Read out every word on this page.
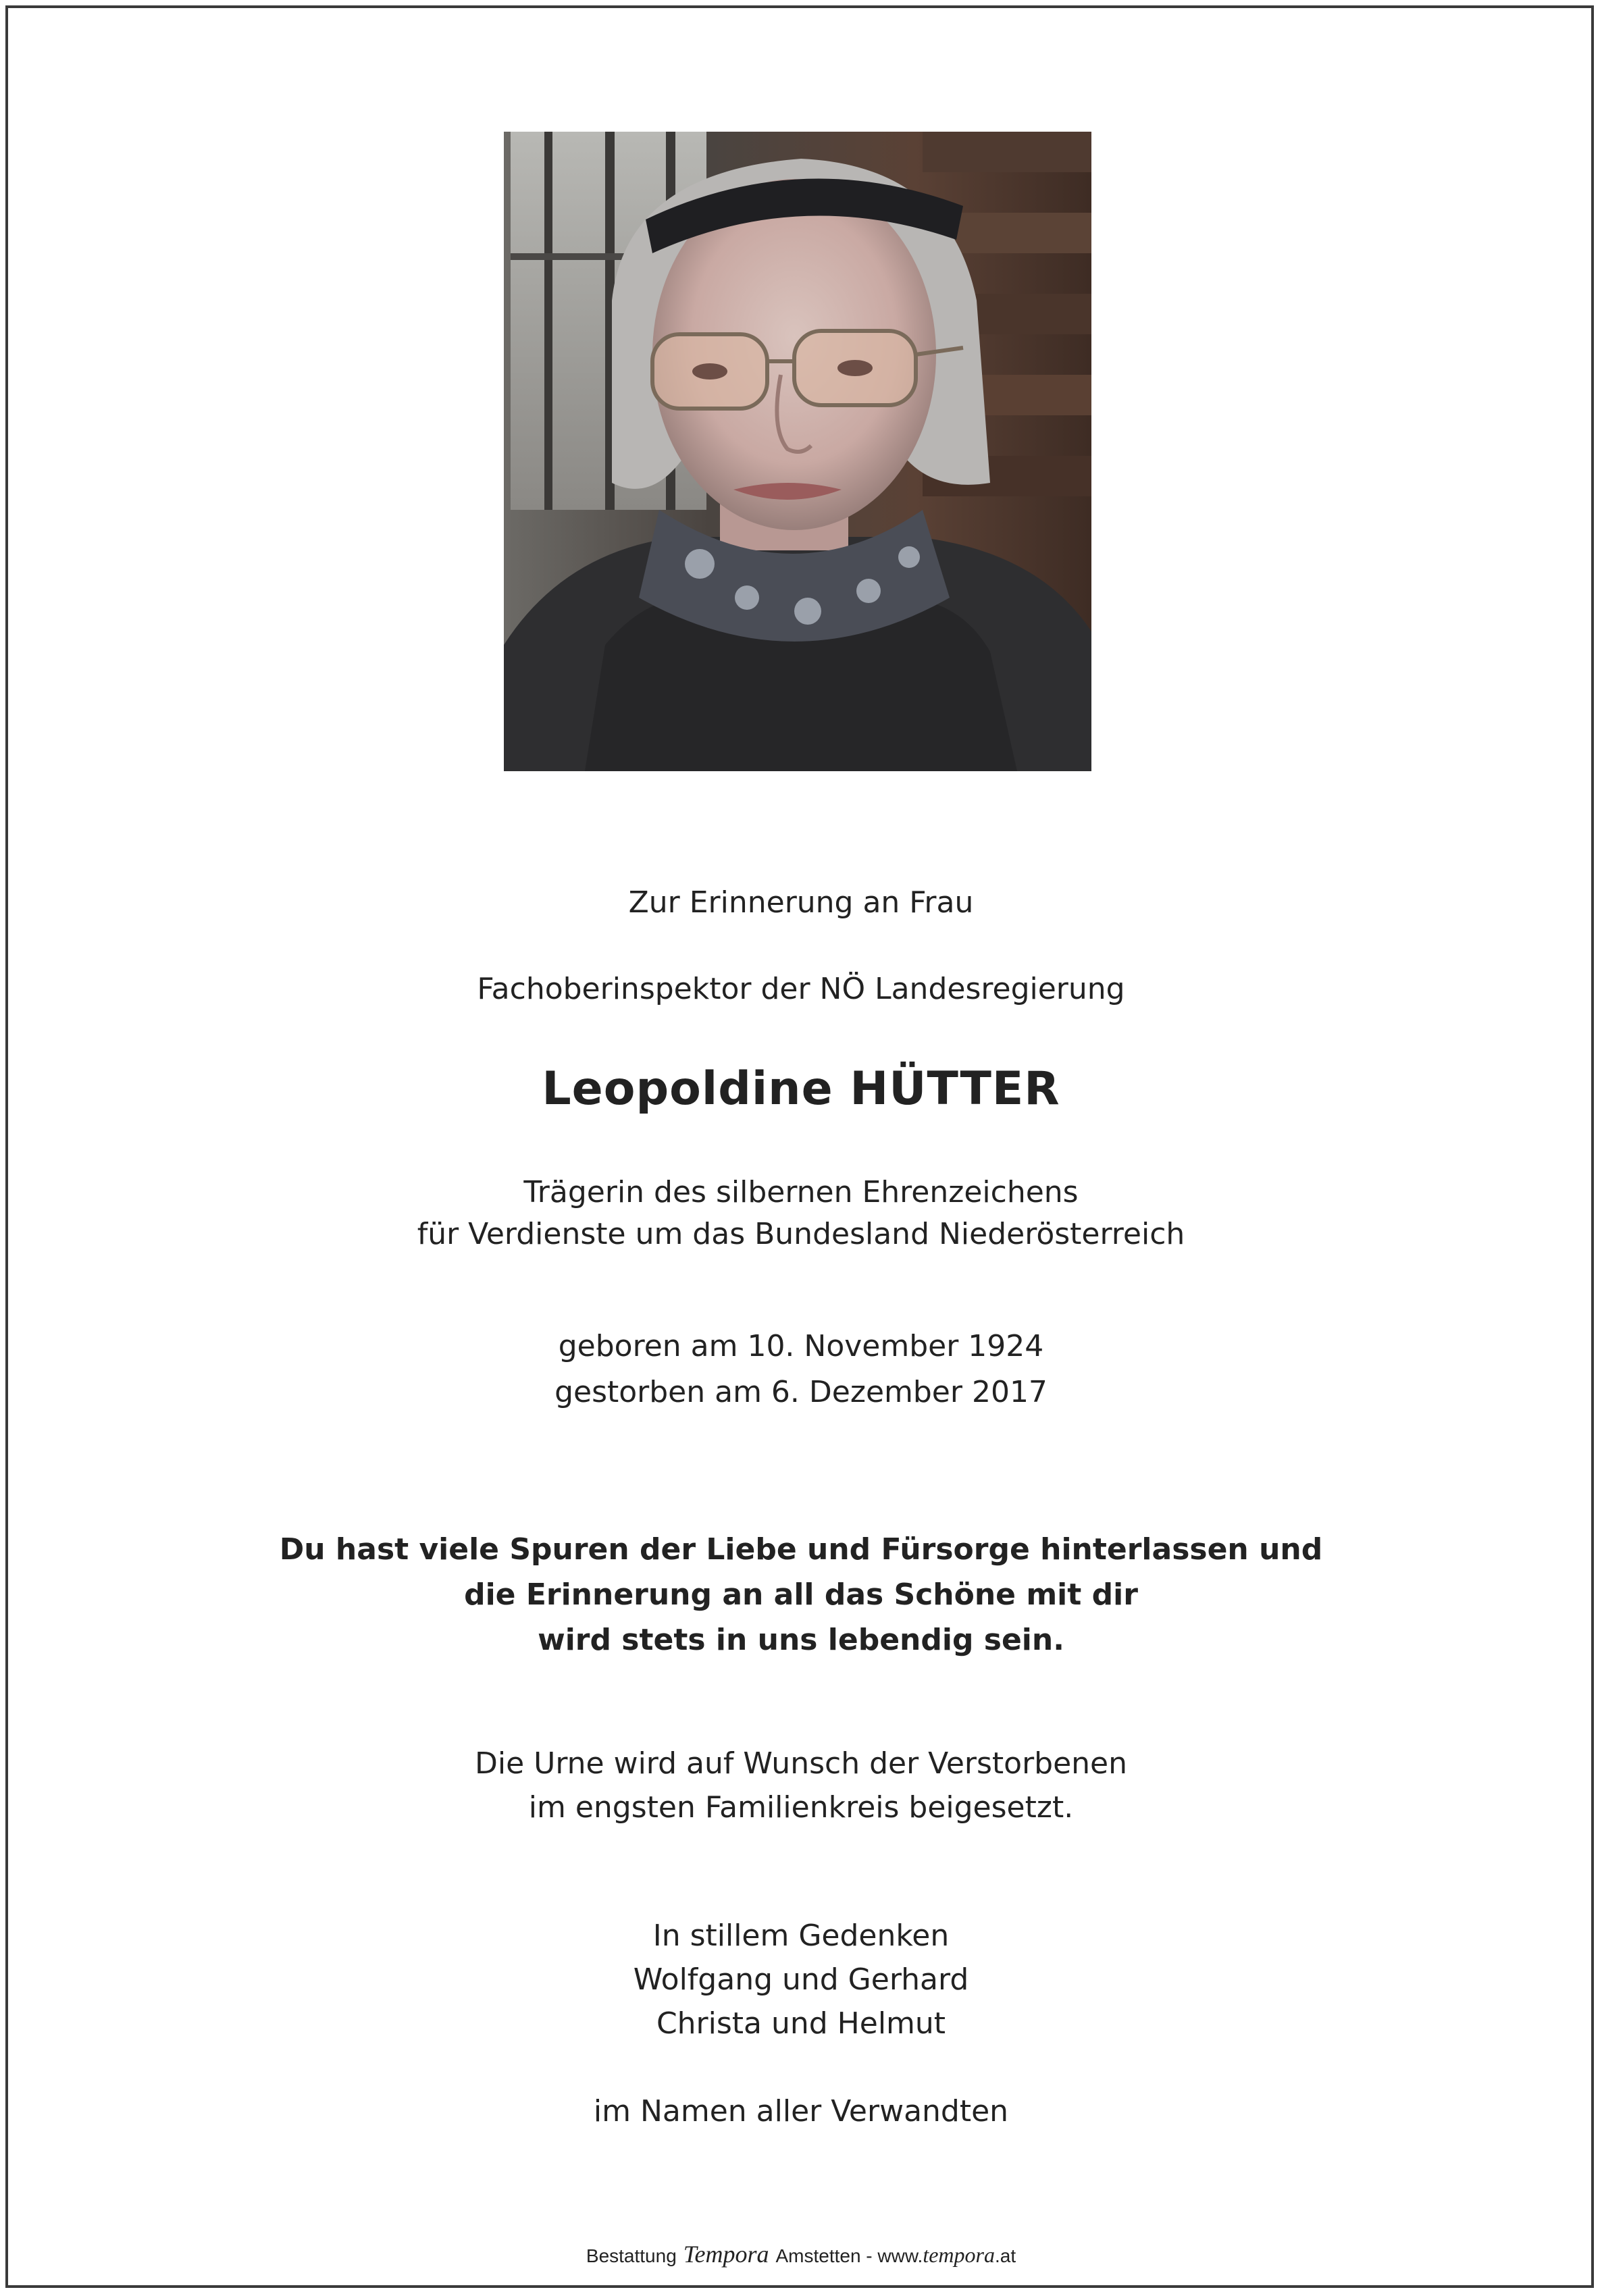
Zur Erinnerung an Frau
Fachoberinspektor der NÖ Landesregierung
Leopoldine HÜTTER
Trägerin des silbernen Ehrenzeichens
für Verdienste um das Bundesland Niederösterreich
geboren am 10. November 1924
gestorben am 6. Dezember 2017
Du hast viele Spuren der Liebe und Fürsorge hinterlassen und
die Erinnerung an all das Schöne mit dir
wird stets in uns lebendig sein.
Die Urne wird auf Wunsch der Verstorbenen
im engsten Familienkreis beigesetzt.
In stillem Gedenken
Wolfgang und Gerhard
Christa und Helmut
im Namen aller Verwandten
Bestattung Tempora Amstetten - www.tempora.at
